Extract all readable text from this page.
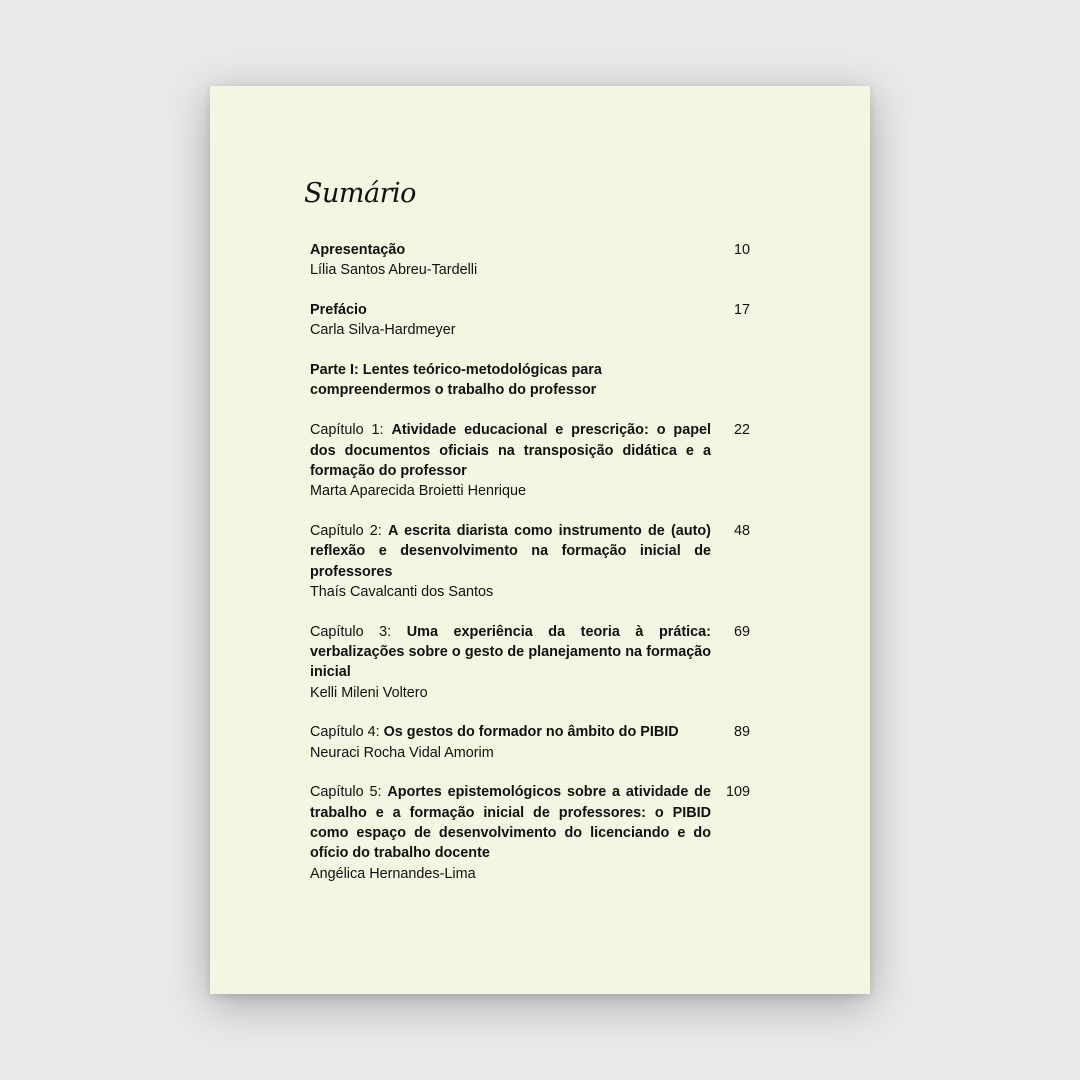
Sumário
Apresentação
Lília Santos Abreu-Tardelli
10
Prefácio
Carla Silva-Hardmeyer
17
Parte I: Lentes teórico-metodológicas para compreendermos o trabalho do professor
Capítulo 1: Atividade educacional e prescrição: o papel dos documentos oficiais na transposição didática e a formação do professor
Marta Aparecida Broietti Henrique
22
Capítulo 2: A escrita diarista como instrumento de (auto) reflexão e desenvolvimento na formação inicial de professores
Thaís Cavalcanti dos Santos
48
Capítulo 3: Uma experiência da teoria à prática: verbalizações sobre o gesto de planejamento na formação inicial
Kelli Mileni Voltero
69
Capítulo 4: Os gestos do formador no âmbito do PIBID
Neuraci Rocha Vidal Amorim
89
Capítulo 5: Aportes epistemológicos sobre a atividade de trabalho e a formação inicial de professores: o PIBID como espaço de desenvolvimento do licenciando e do ofício do trabalho docente
Angélica Hernandes-Lima
109
